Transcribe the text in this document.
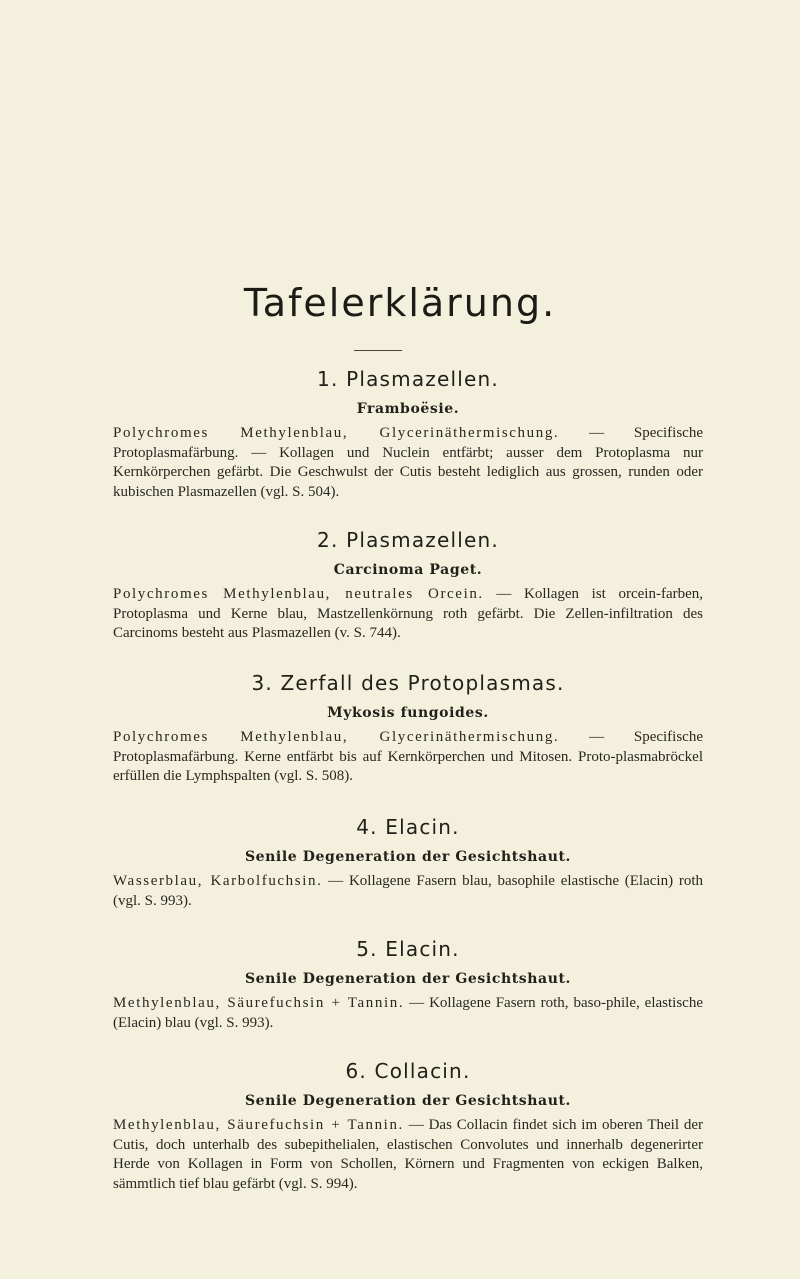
Tafelerklärung.
1. Plasmazellen.
Framboësie.
Polychromes Methylenblau, Glycerinäthermischung. — Specifische Protoplasmafärbung. — Kollagen und Nuclein entfärbt; ausser dem Protoplasma nur Kernkörperchen gefärbt. Die Geschwulst der Cutis besteht lediglich aus grossen, runden oder kubischen Plasmazellen (vgl. S. 504).
2. Plasmazellen.
Carcinoma Paget.
Polychromes Methylenblau, neutrales Orcein. — Kollagen ist orcein-farben, Protoplasma und Kerne blau, Mastzellenkörnung roth gefärbt. Die Zellen-infiltration des Carcinoms besteht aus Plasmazellen (v. S. 744).
3. Zerfall des Protoplasmas.
Mykosis fungoides.
Polychromes Methylenblau, Glycerinäthermischung. — Specifische Protoplasmafärbung. Kerne entfärbt bis auf Kernkörperchen und Mitosen. Proto-plasmabröckel erfüllen die Lymphspalten (vgl. S. 508).
4. Elacin.
Senile Degeneration der Gesichtshaut.
Wasserblau, Karbolfuchsin. — Kollagene Fasern blau, basophile elastische (Elacin) roth (vgl. S. 993).
5. Elacin.
Senile Degeneration der Gesichtshaut.
Methylenblau, Säurefuchsin + Tannin. — Kollagene Fasern roth, baso-phile, elastische (Elacin) blau (vgl. S. 993).
6. Collacin.
Senile Degeneration der Gesichtshaut.
Methylenblau, Säurefuchsin + Tannin. — Das Collacin findet sich im oberen Theil der Cutis, doch unterhalb des subepithelialen, elastischen Convolutes und innerhalb degenerirter Herde von Kollagen in Form von Schollen, Körnern und Fragmenten von eckigen Balken, sämmtlich tief blau gefärbt (vgl. S. 994).
